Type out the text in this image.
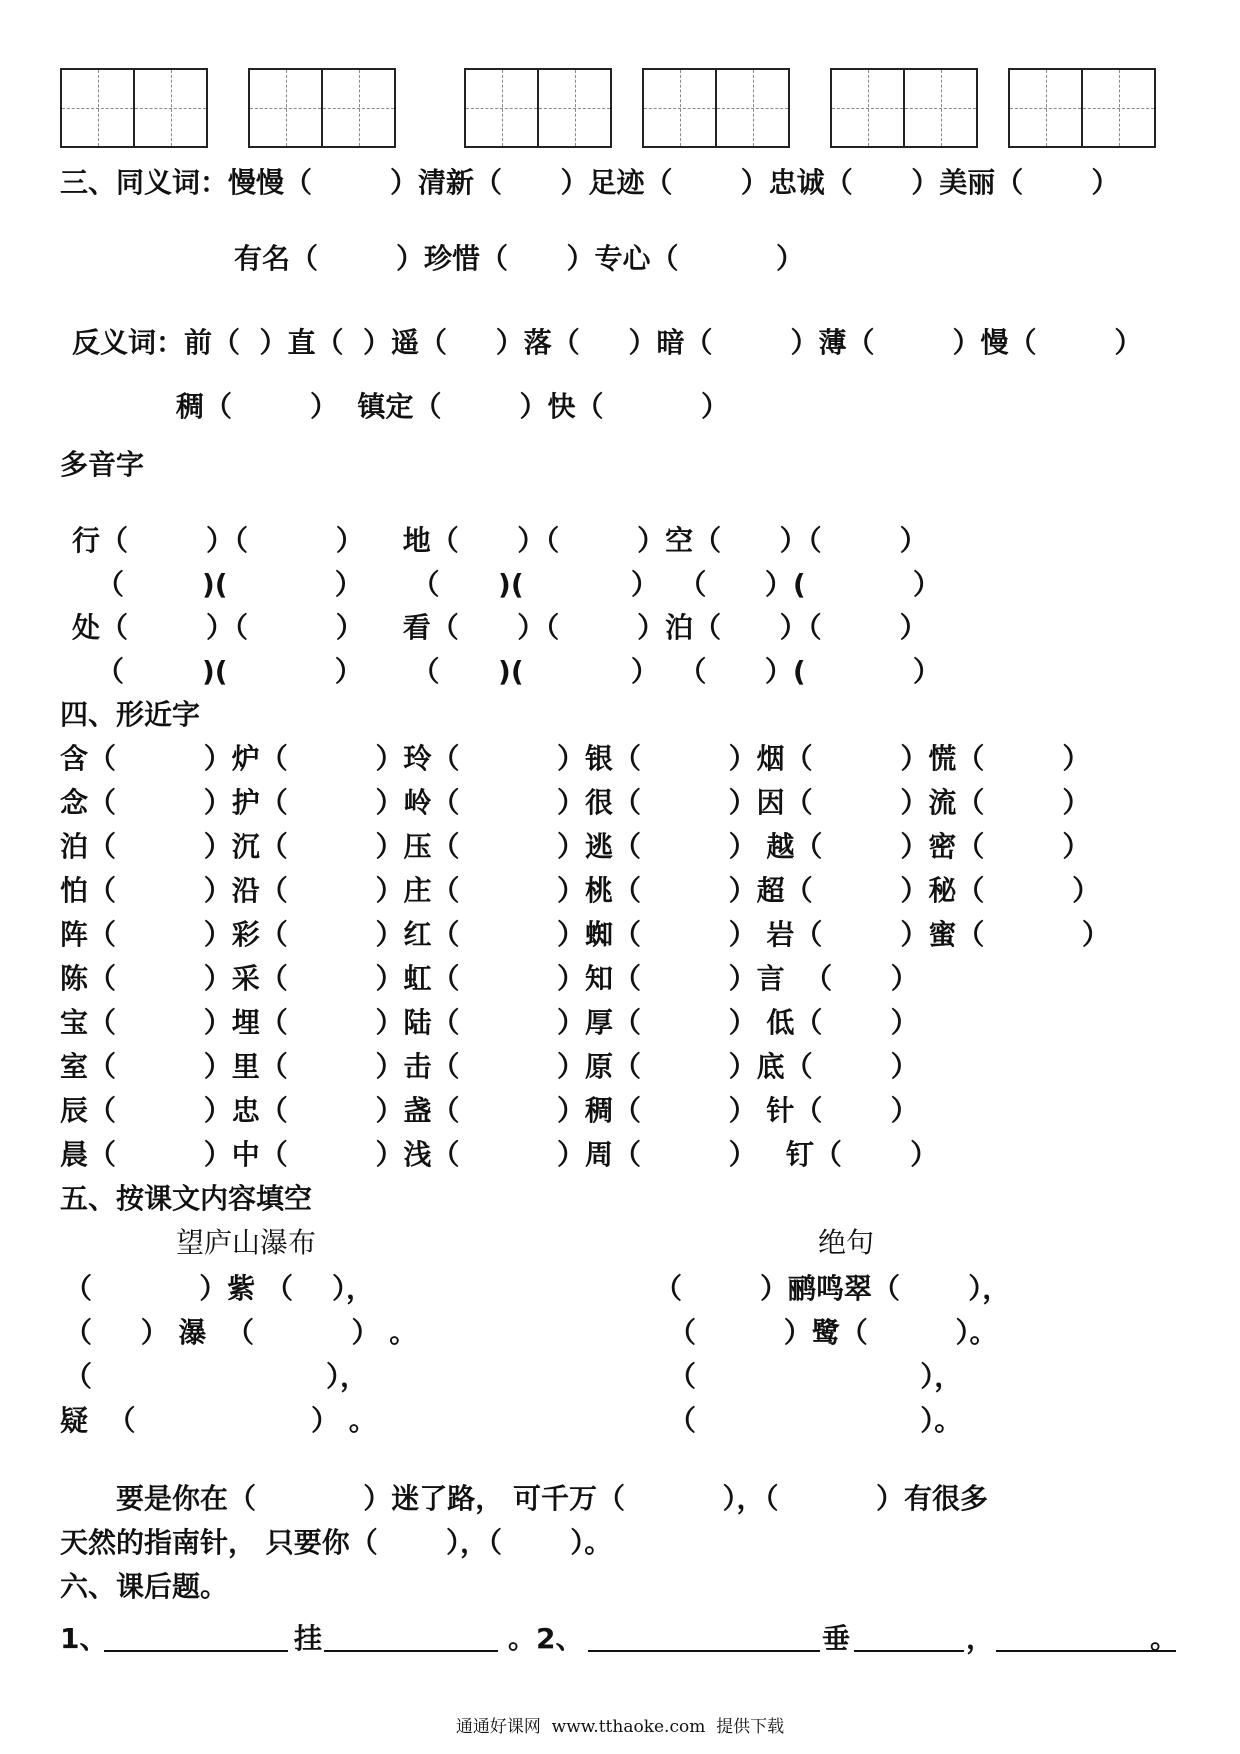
三、同义词：慢慢（        ）清新（      ）足迹（       ）忠诚（      ）美丽（       ）
有名（        ）珍惜（      ）专心（          ）
反义词：前（  ）直（  ）遥（     ）落（     ）暗（        ）薄（        ）慢（        ）
稠（        ）  镇定（        ）快（          ）
多音字
行（        ）（         ）    地（      ）（        ）空（      ）（        ）
（        )(           ）     （      )(           ）  （      ）(           ）
处（        ）（         ）    看（      ）（        ）泊（      ）（        ）
（        )(           ）     （      )(           ）  （      ）(           ）
四、形近字
含（         ）炉（         ）玲（          ）银（         ）烟（         ）慌（        ）
念（         ）护（         ）岭（          ）很（         ）因（         ）流（        ）
泊（         ）沉（         ）压（          ）逃（         ） 越（        ）密（        ）
怕（         ）沿（         ）庄（          ）桃（         ）超（         ）秘（         ）
阵（         ）彩（         ）红（          ）蜘（         ） 岩（        ）蜜（          ）
陈（         ）采（         ）虹（          ）知（         ）言  （      ）
宝（         ）埋（         ）陆（          ）厚（         ） 低（       ）
室（         ）里（         ）击（          ）原（         ）底（        ）
辰（         ）忠（         ）盏（          ）稠（         ） 针（       ）
晨（         ）中（         ）浅（          ）周（         ）   钉（       ）
五、按课文内容填空
望庐山瀑布	绝句
（           ）紫 （    ），
（     ） 瀑  （          ） 。
（                        ），
疑  （                  ） 。
（        ）鹂鸣翠（       ），
（         ）鹭（         ）。
（                       ），
（                       ）。
要是你在（           ）迷了路， 可千万（          ），（          ）有很多
天然的指南针， 只要你（       ），（       ）。
六、课后题。
1、	挂	。2、	垂	，	。
通通好课网  www.tthaoke.com  提供下载
